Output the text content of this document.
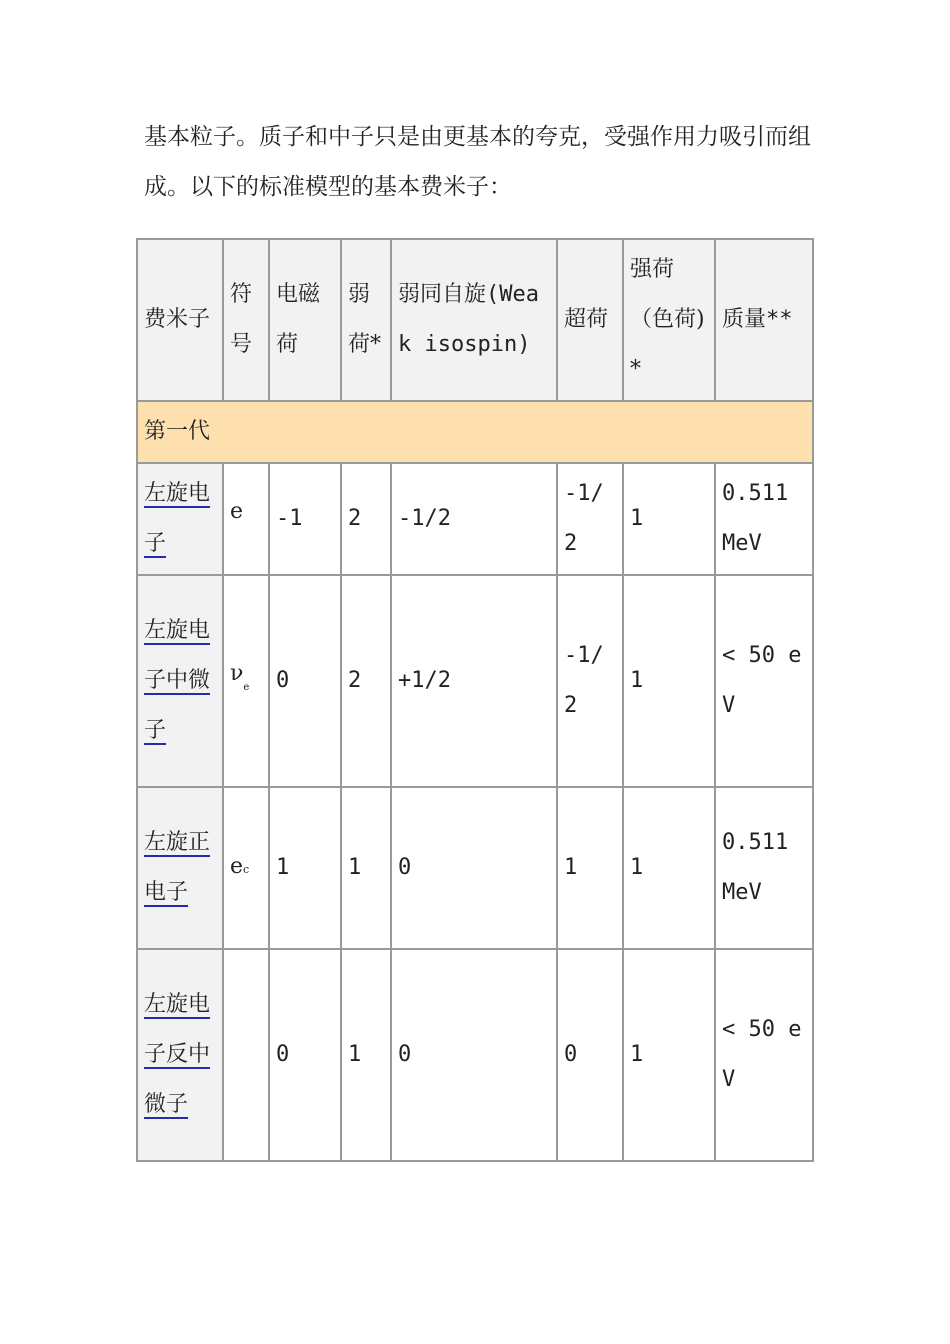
基本粒子。质子和中子只是由更基本的夸克，受强作用力吸引而组成。以下的标准模型的基本费米子：

费米子	符号	电磁荷	弱荷*	弱同自旋(Weak isospin)	超荷	强荷（色荷)*	质量**
第一代							
左旋电子	e	-1	2	-1/2	-1/2	1	0.511 MeV
左旋电子中微子	$\nu_e$	0	2	+1/2	-1/2	1	< 50 eV
左旋正电子	ec	1	1	0	1	1	0.511 MeV
左旋电子反中微子		0	1	0	0	1	< 50 eV
